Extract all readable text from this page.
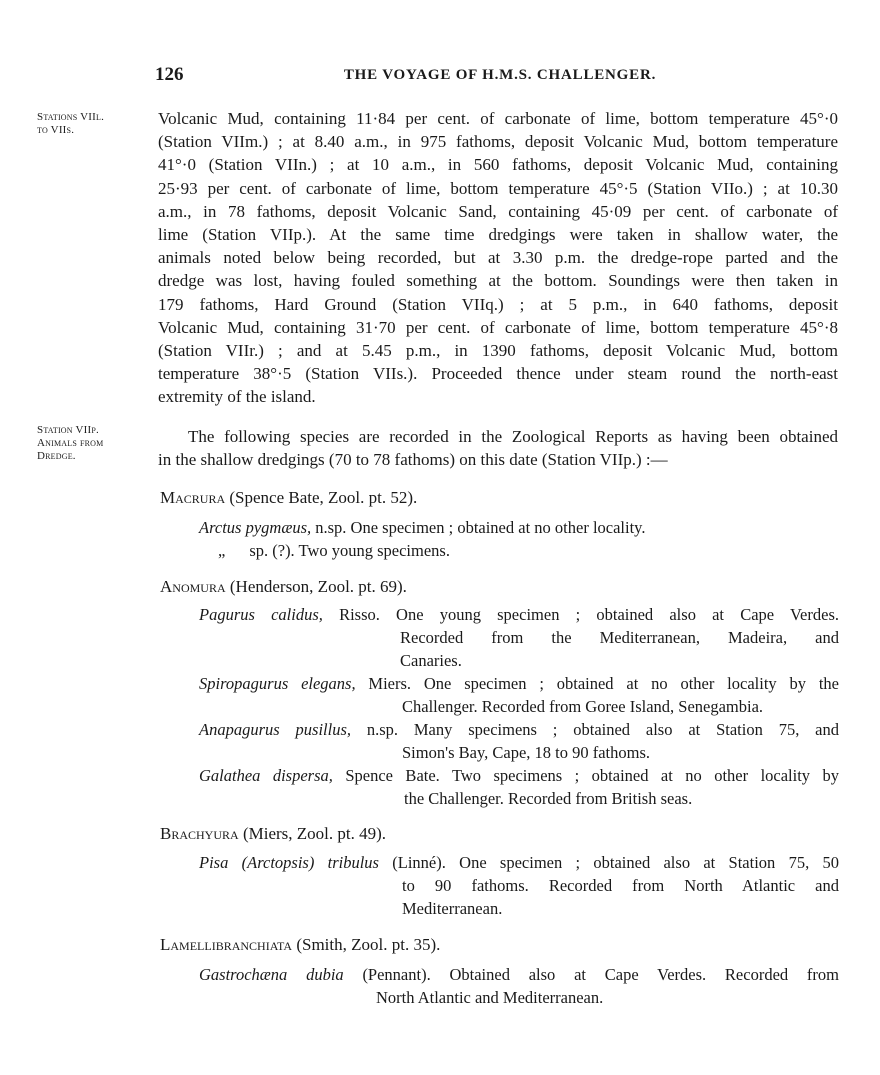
126	THE VOYAGE OF H.M.S. CHALLENGER.
Stations VIIl.
to VIIs.
Volcanic Mud, containing 11·84 per cent. of carbonate of lime, bottom temperature 45°·0
(Station VIIm.) ; at 8.40 a.m., in 975 fathoms, deposit Volcanic Mud, bottom temperature
41°·0 (Station VIIn.) ; at 10 a.m., in 560 fathoms, deposit Volcanic Mud, containing
25·93 per cent. of carbonate of lime, bottom temperature 45°·5 (Station VIIo.) ; at 10.30
a.m., in 78 fathoms, deposit Volcanic Sand, containing 45·09 per cent. of carbonate of
lime (Station VIIp.). At the same time dredgings were taken in shallow water, the
animals noted below being recorded, but at 3.30 p.m. the dredge-rope parted and the
dredge was lost, having fouled something at the bottom. Soundings were then taken in
179 fathoms, Hard Ground (Station VIIq.) ; at 5 p.m., in 640 fathoms, deposit
Volcanic Mud, containing 31·70 per cent. of carbonate of lime, bottom temperature 45°·8
(Station VIIr.) ; and at 5.45 p.m., in 1390 fathoms, deposit Volcanic Mud, bottom
temperature 38°·5 (Station VIIs.). Proceeded thence under steam round the north-east
extremity of the island.
Station VIIp.
Animals from
Dredge.
The following species are recorded in the Zoological Reports as having been obtained
in the shallow dredgings (70 to 78 fathoms) on this date (Station VIIp.) :—
Macrura (Spence Bate, Zool. pt. 52).
Arctus pygmæus, n.sp. One specimen ; obtained at no other locality.
„ sp. (?). Two young specimens.
Anomura (Henderson, Zool. pt. 69).
Pagurus calidus, Risso. One young specimen ; obtained also at Cape Verdes.
Recorded from the Mediterranean, Madeira, and
Canaries.
Spiropagurus elegans, Miers. One specimen ; obtained at no other locality by the
Challenger. Recorded from Goree Island, Senegambia.
Anapagurus pusillus, n.sp. Many specimens ; obtained also at Station 75, and
Simon's Bay, Cape, 18 to 90 fathoms.
Galathea dispersa, Spence Bate. Two specimens ; obtained at no other locality by
the Challenger. Recorded from British seas.
Brachyura (Miers, Zool. pt. 49).
Pisa (Arctopsis) tribulus (Linné). One specimen ; obtained also at Station 75, 50
to 90 fathoms. Recorded from North Atlantic and
Mediterranean.
Lamellibranchiata (Smith, Zool. pt. 35).
Gastrochæna dubia (Pennant). Obtained also at Cape Verdes. Recorded from
North Atlantic and Mediterranean.
